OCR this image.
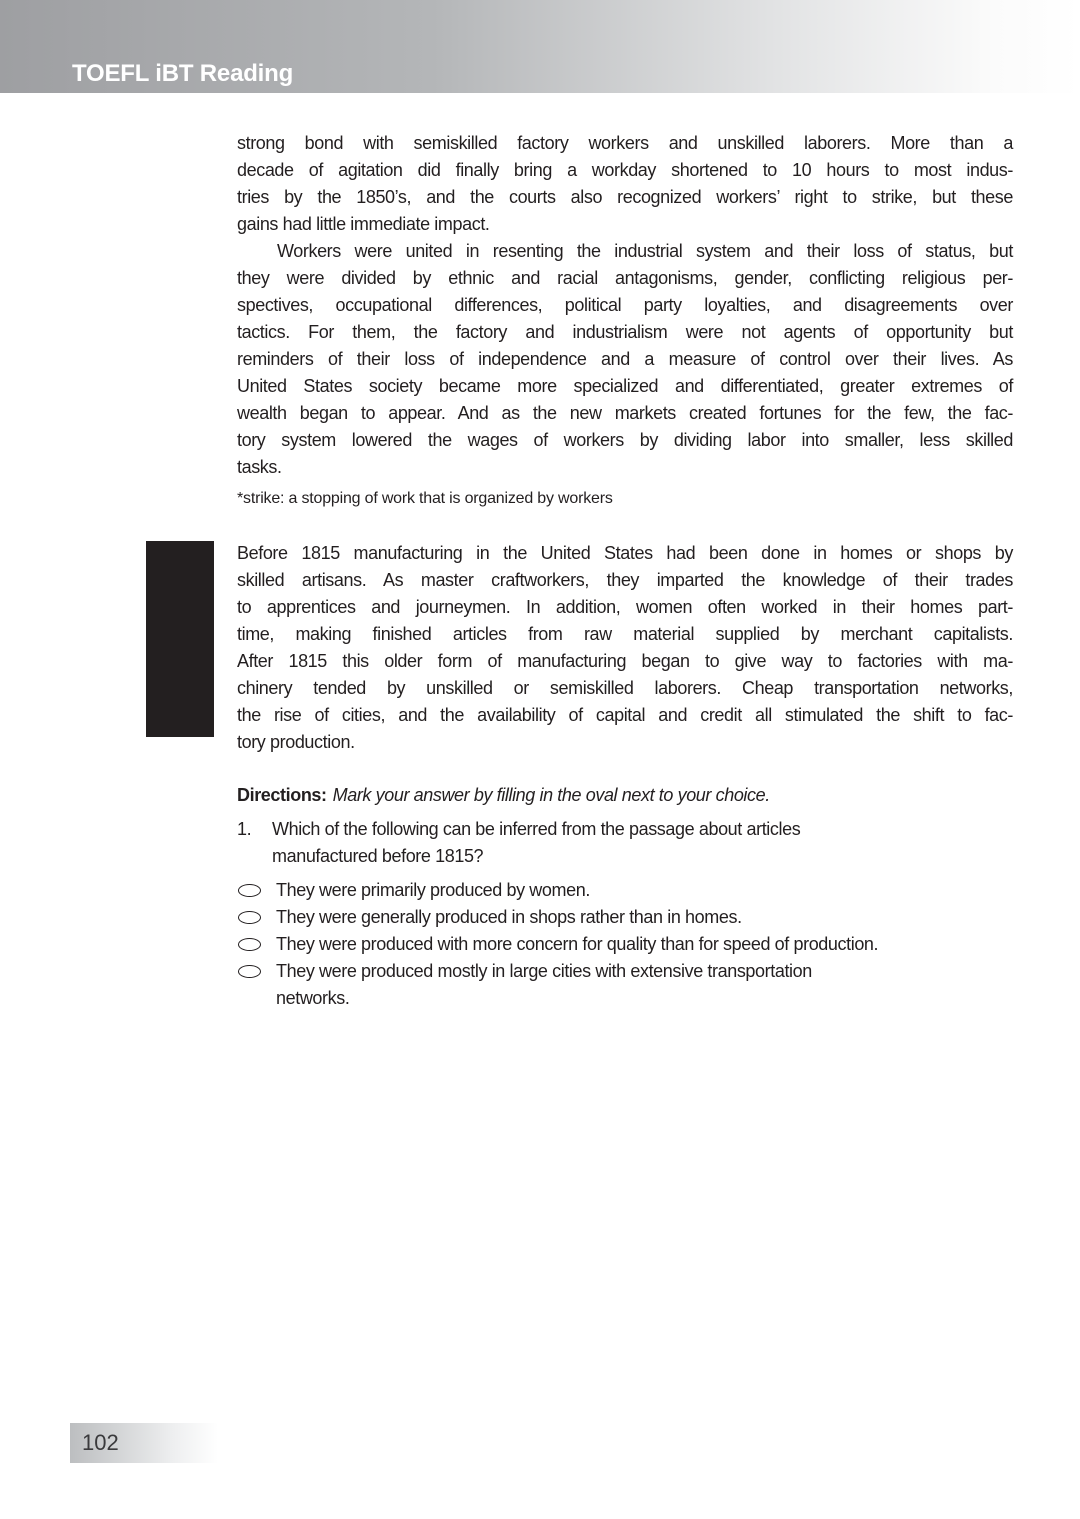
TOEFL iBT Reading
strong bond with semiskilled factory workers and unskilled laborers. More than a
decade of agitation did finally bring a workday shortened to 10 hours to most indus-
tries by the 1850’s, and the courts also recognized workers’ right to strike, but these
gains had little immediate impact.
Workers were united in resenting the industrial system and their loss of status, but
they were divided by ethnic and racial antagonisms, gender, conflicting religious per-
spectives, occupational differences, political party loyalties, and disagreements over
tactics. For them, the factory and industrialism were not agents of opportunity but
reminders of their loss of independence and a measure of control over their lives. As
United States society became more specialized and differentiated, greater extremes of
wealth began to appear. And as the new markets created fortunes for the few, the fac-
tory system lowered the wages of workers by dividing labor into smaller, less skilled
tasks.
*strike: a stopping of work that is organized by workers
Before 1815 manufacturing in the United States had been done in homes or shops by
skilled artisans. As master craftworkers, they imparted the knowledge of their trades
to apprentices and journeymen. In addition, women often worked in their homes part-
time, making finished articles from raw material supplied by merchant capitalists.
After 1815 this older form of manufacturing began to give way to factories with ma-
chinery tended by unskilled or semiskilled laborers. Cheap transportation networks,
the rise of cities, and the availability of capital and credit all stimulated the shift to fac-
tory production.
Directions: Mark your answer by filling in the oval next to your choice.
1.	Which of the following can be inferred from the passage about articles
manufactured before 1815?
They were primarily produced by women.
They were generally produced in shops rather than in homes.
They were produced with more concern for quality than for speed of production.
They were produced mostly in large cities with extensive transportation
networks.
102
